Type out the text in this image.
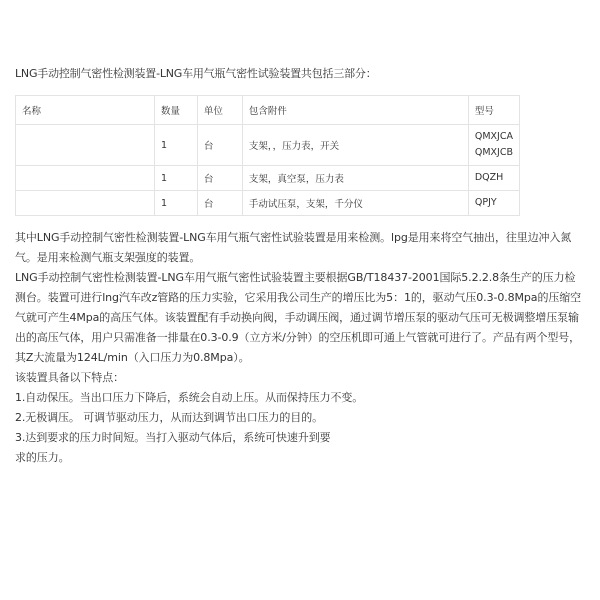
LNG手动控制气密性检测装置-LNG车用气瓶气密性试验装置共包括三部分：
名称	数量	单位	包含附件	型号
	1	台	支架，，压力表，开关	QMXJCA
QMXJCB

	1	台	支架，真空泵，压力表	DQZH

	1	台	手动试压泵，支架，千分仪	QPJY

其中LNG手动控制气密性检测装置-LNG车用气瓶气密性试验装置是用来检测。lpg是用来将空气抽出，往里边冲入氮气。是用来检测气瓶支架强度的装置。

LNG手动控制气密性检测装置-LNG车用气瓶气密性试验装置主要根据GB/T18437-2001国际5.2.2.8条生产的压力检测台。装置可进行lng汽车改z管路的压力实验，它采用我公司生产的增压比为5：1的，驱动气压0.3-0.8Mpa的压缩空气就可产生4Mpa的高压气体。该装置配有手动换向阀，手动调压阀，通过调节增压泵的驱动气压可无极调整增压泵输出的高压气体，用户只需准备一排量在0.3-0.9（立方米/分钟）的空压机即可通上气管就可进行了。产品有两个型号，其Z大流量为124L/min（入口压力为0.8Mpa）。

该装置具备以下特点：

1.自动保压。当出口压力下降后，系统会自动上压。从而保持压力不变。

2.无极调压。 可调节驱动压力，从而达到调节出口压力的目的。

3.达到要求的压力时间短。当打入驱动气体后，系统可快速升到要

求的压力。
